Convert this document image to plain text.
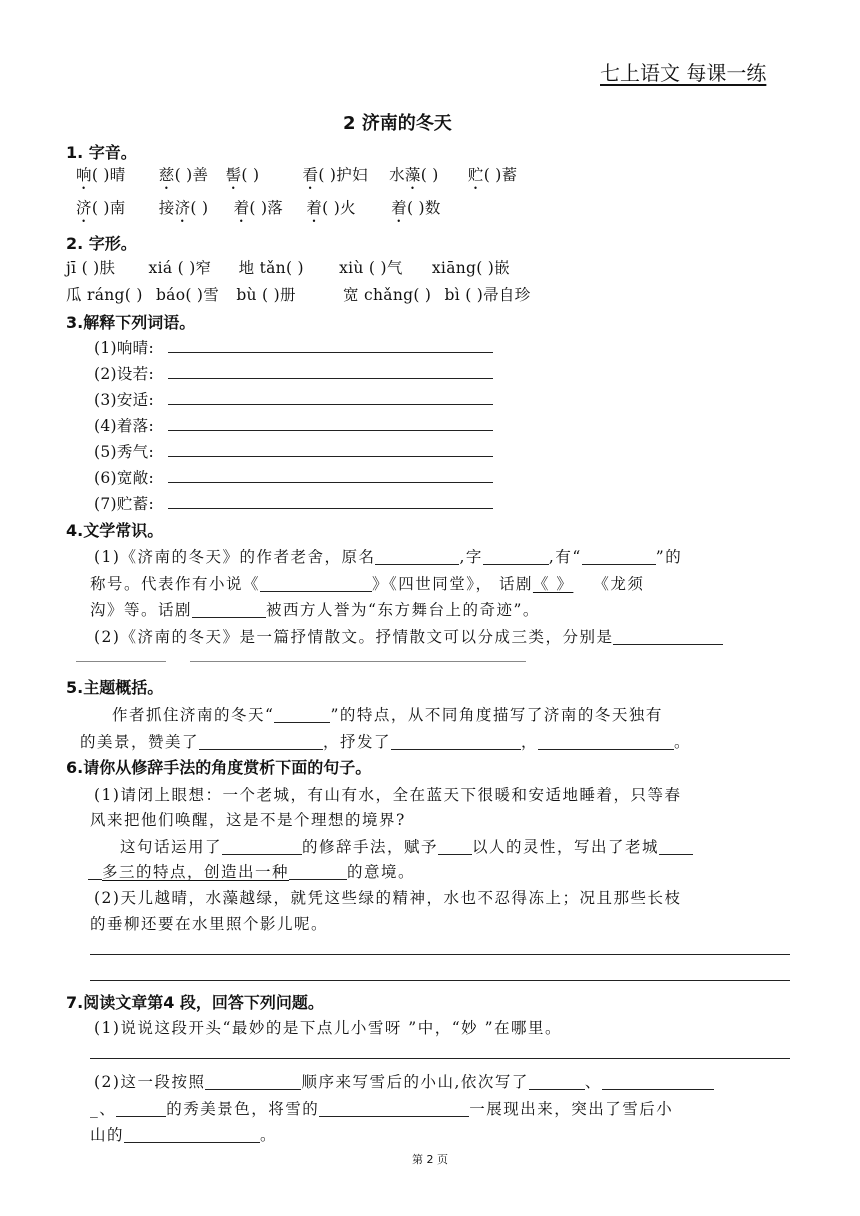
七上语文 每课一练
2 济南的冬天
1. 字音。
响( )晴 慈( )善 髻( )	看( )护妇 水藻( ) 贮( )蓄
济( )南 接济( ) 着( )落 着( )火 着( )数
2. 字形。
jī ( )肤 xiá ( )窄 地 tǎn( ) xiù ( )气 xiāng( )嵌
瓜 ráng( ) báo( )雪 bù ( )册	宽 chǎng( ) bì ( )帚自珍
3.解释下列词语。
(1)响晴:
(2)设若:
(3)安适:
(4)着落:
(5)秀气:
(6)宽敞:
(7)贮蓄:
4.文学常识。
(1)《济南的冬天》的作者老舍，原名	,字	,有“	”的
称号。代表作有小说《	》《四世同堂》， 话剧《 》 《龙须
沟》等。话剧	被西方人誉为“东方舞台上的奇迹”。
(2)《济南的冬天》是一篇抒情散文。抒情散文可以分成三类，分别是
5.主题概括。
作者抓住济南的冬天“	”的特点，从不同角度描写了济南的冬天独有
的美景，赞美了	，抒发了	，	。
6.请你从修辞手法的角度赏析下面的句子。
(1)请闭上眼想：一个老城，有山有水，全在蓝天下很暖和安适地睡着，只等春
风来把他们唤醒，这是不是个理想的境界?
这句话运用了	的修辞手法，赋予 以人的灵性，写出了老城
多三的特点，创造出一种	的意境。
(2)天儿越晴，水藻越绿，就凭这些绿的精神，水也不忍得冻上；况且那些长枝
的垂柳还要在水里照个影儿呢。
7.阅读文章第4 段，回答下列问题。
(1)说说这段开头“最妙的是下点儿小雪呀 ”中，“妙 ”在哪里。
(2)这一段按照	顺序来写雪后的小山,依次写了	、
_、	的秀美景色，将雪的	一展现出来，突出了雪后小
山的	。
第 2 页
